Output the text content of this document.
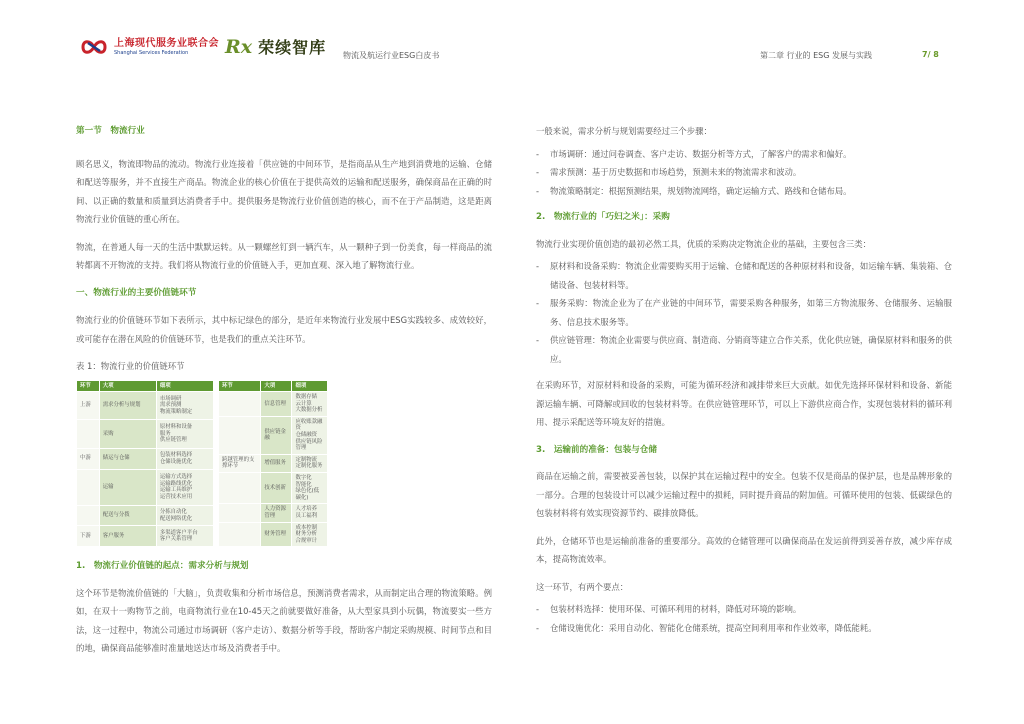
上海现代服务业联合会
Shanghai Services Federation	Rx 荣续智库 物流及航运行业ESG白皮书	第二章 行业的 ESG 发展与实践	7/ 8
第一节　物流行业
顾名思义，物流即物品的流动。物流行业连接着「供应链的中间环节，是指商品从生产地到消费地的运输、仓储和配送等服务，并不直接生产商品。物流企业的核心价值在于提供高效的运输和配送服务，确保商品在正确的时间、以正确的数量和质量到达消费者手中。提供服务是物流行业价值创造的核心，而不在于产品制造，这是距离物流行业价值链的重心所在。
物流，在普通人每一天的生活中默默运转。从一颗螺丝钉到一辆汽车，从一颗种子到一份美食，每一样商品的流转都离不开物流的支持。我们将从物流行业的价值链入手，更加直观、深入地了解物流行业。
一、物流行业的主要价值链环节
物流行业的价值链环节如下表所示，其中标记绿色的部分，是近年来物流行业发展中ESG实践较多、成效较好，或可能存在潜在风险的价值链环节，也是我们的重点关注环节。
表 1：物流行业的价值链环节
环节	大项	细项
上游	需求分析与规划	市场调研
需求预测
物流策略制定
	采购	原材料和设备
服务
供应链管理
中游	储运与仓储	包装材料选择
仓储设施优化
	运输	运输方式选择
运输路线优化
运输工具维护
运营技术应用
	配送与分拨	分拣自动化
配送网络优化
下游	客户服务	多渠道客户平台
客户关系管理
环节	大项	细项
	信息管理	数据存储
云计算
大数据分析
	供应链金融	应收账款融资
仓储融资
供应链风险管理
跨越管理的支撑环节	增值服务	定制物流
定制化服务
	技术创新	数字化
智能化
绿色化(低碳化)
	人力资源管理	人才培养
员工福利
	财务管理	成本控制
财务分析
合规审计
1.　物流行业价值链的起点：需求分析与规划
这个环节是物流价值链的「大脑」，负责收集和分析市场信息，预测消费者需求，从而制定出合理的物流策略。例如，在双十一购物节之前，电商物流行业在10-45天之前就要做好准备，从大型家具到小玩偶，物流要实一些方法，这一过程中，物流公司通过市场调研（客户走访）、数据分析等手段，帮助客户制定采购规模、时间节点和目的地，确保商品能够准时准量地送达市场及消费者手中。
一般来说，需求分析与规划需要经过三个步骤：
- 市场调研：通过问卷调查、客户走访、数据分析等方式，了解客户的需求和偏好。
- 需求预测：基于历史数据和市场趋势，预测未来的物流需求和波动。
- 物流策略制定：根据预测结果，规划物流网络，确定运输方式、路线和仓储布局。
2.　物流行业的「巧妇之米」：采购
物流行业实现价值创造的最初必然工具，优质的采购决定物流企业的基础，主要包含三类：
- 原材料和设备采购：物流企业需要购买用于运输、仓储和配送的各种原材料和设备，如运输车辆、集装箱、仓储设备、包装材料等。
- 服务采购：物流企业为了在产业链的中间环节，需要采购各种服务，如第三方物流服务、仓储服务、运输服务、信息技术服务等。
- 供应链管理：物流企业需要与供应商、制造商、分销商等建立合作关系，优化供应链，确保原材料和服务的供应。
在采购环节，对原材料和设备的采购，可能为循环经济和减排带来巨大贡献。如优先选择环保材料和设备、新能源运输车辆、可降解或回收的包装材料等。在供应链管理环节，可以上下游供应商合作，实现包装材料的循环利用、提示采配送等环境友好的措施。
3.　运输前的准备：包装与仓储
商品在运输之前，需要被妥善包装，以保护其在运输过程中的安全。包装不仅是商品的保护层，也是品牌形象的一部分。合理的包装设计可以减少运输过程中的损耗，同时提升商品的附加值。可循环使用的包装、低碳绿色的包装材料将有效实现资源节约、碳排放降低。
此外，仓储环节也是运输前准备的重要部分。高效的仓储管理可以确保商品在发运前得到妥善存放，减少库存成本，提高物流效率。
这一环节，有两个要点：
- 包装材料选择：使用环保、可循环利用的材料，降低对环境的影响。
- 仓储设施优化：采用自动化、智能化仓储系统，提高空间利用率和作业效率，降低能耗。
